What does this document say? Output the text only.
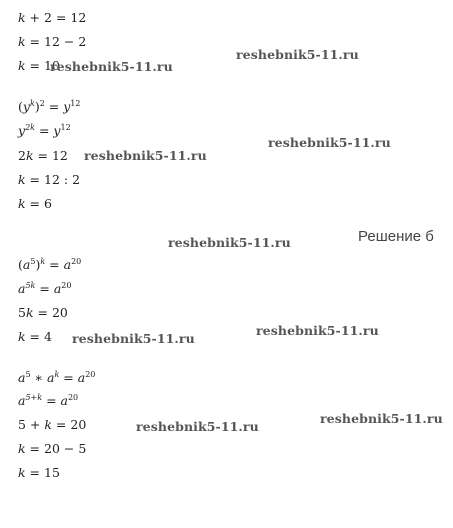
k + 2 = 12
k = 12 − 2
k = 10
$(y^k)^2 = y^{12}$
$y^{2k} = y^{12}$
2k = 12
k = 12 : 2
k = 6
$(a^5)^k = a^{20}$
$a^{5k} = a^{20}$
5k = 20
k = 4
$a^5$ ∗ $a^k = a^{20}$
$a^{5+k} = a^{20}$
5 + k = 20
k = 20 − 5
k = 15
Решение б
reshebnik5-11.ru
reshebnik5-11.ru
reshebnik5-11.ru
reshebnik5-11.ru
reshebnik5-11.ru
reshebnik5-11.ru
reshebnik5-11.ru
reshebnik5-11.ru
reshebnik5-11.ru
